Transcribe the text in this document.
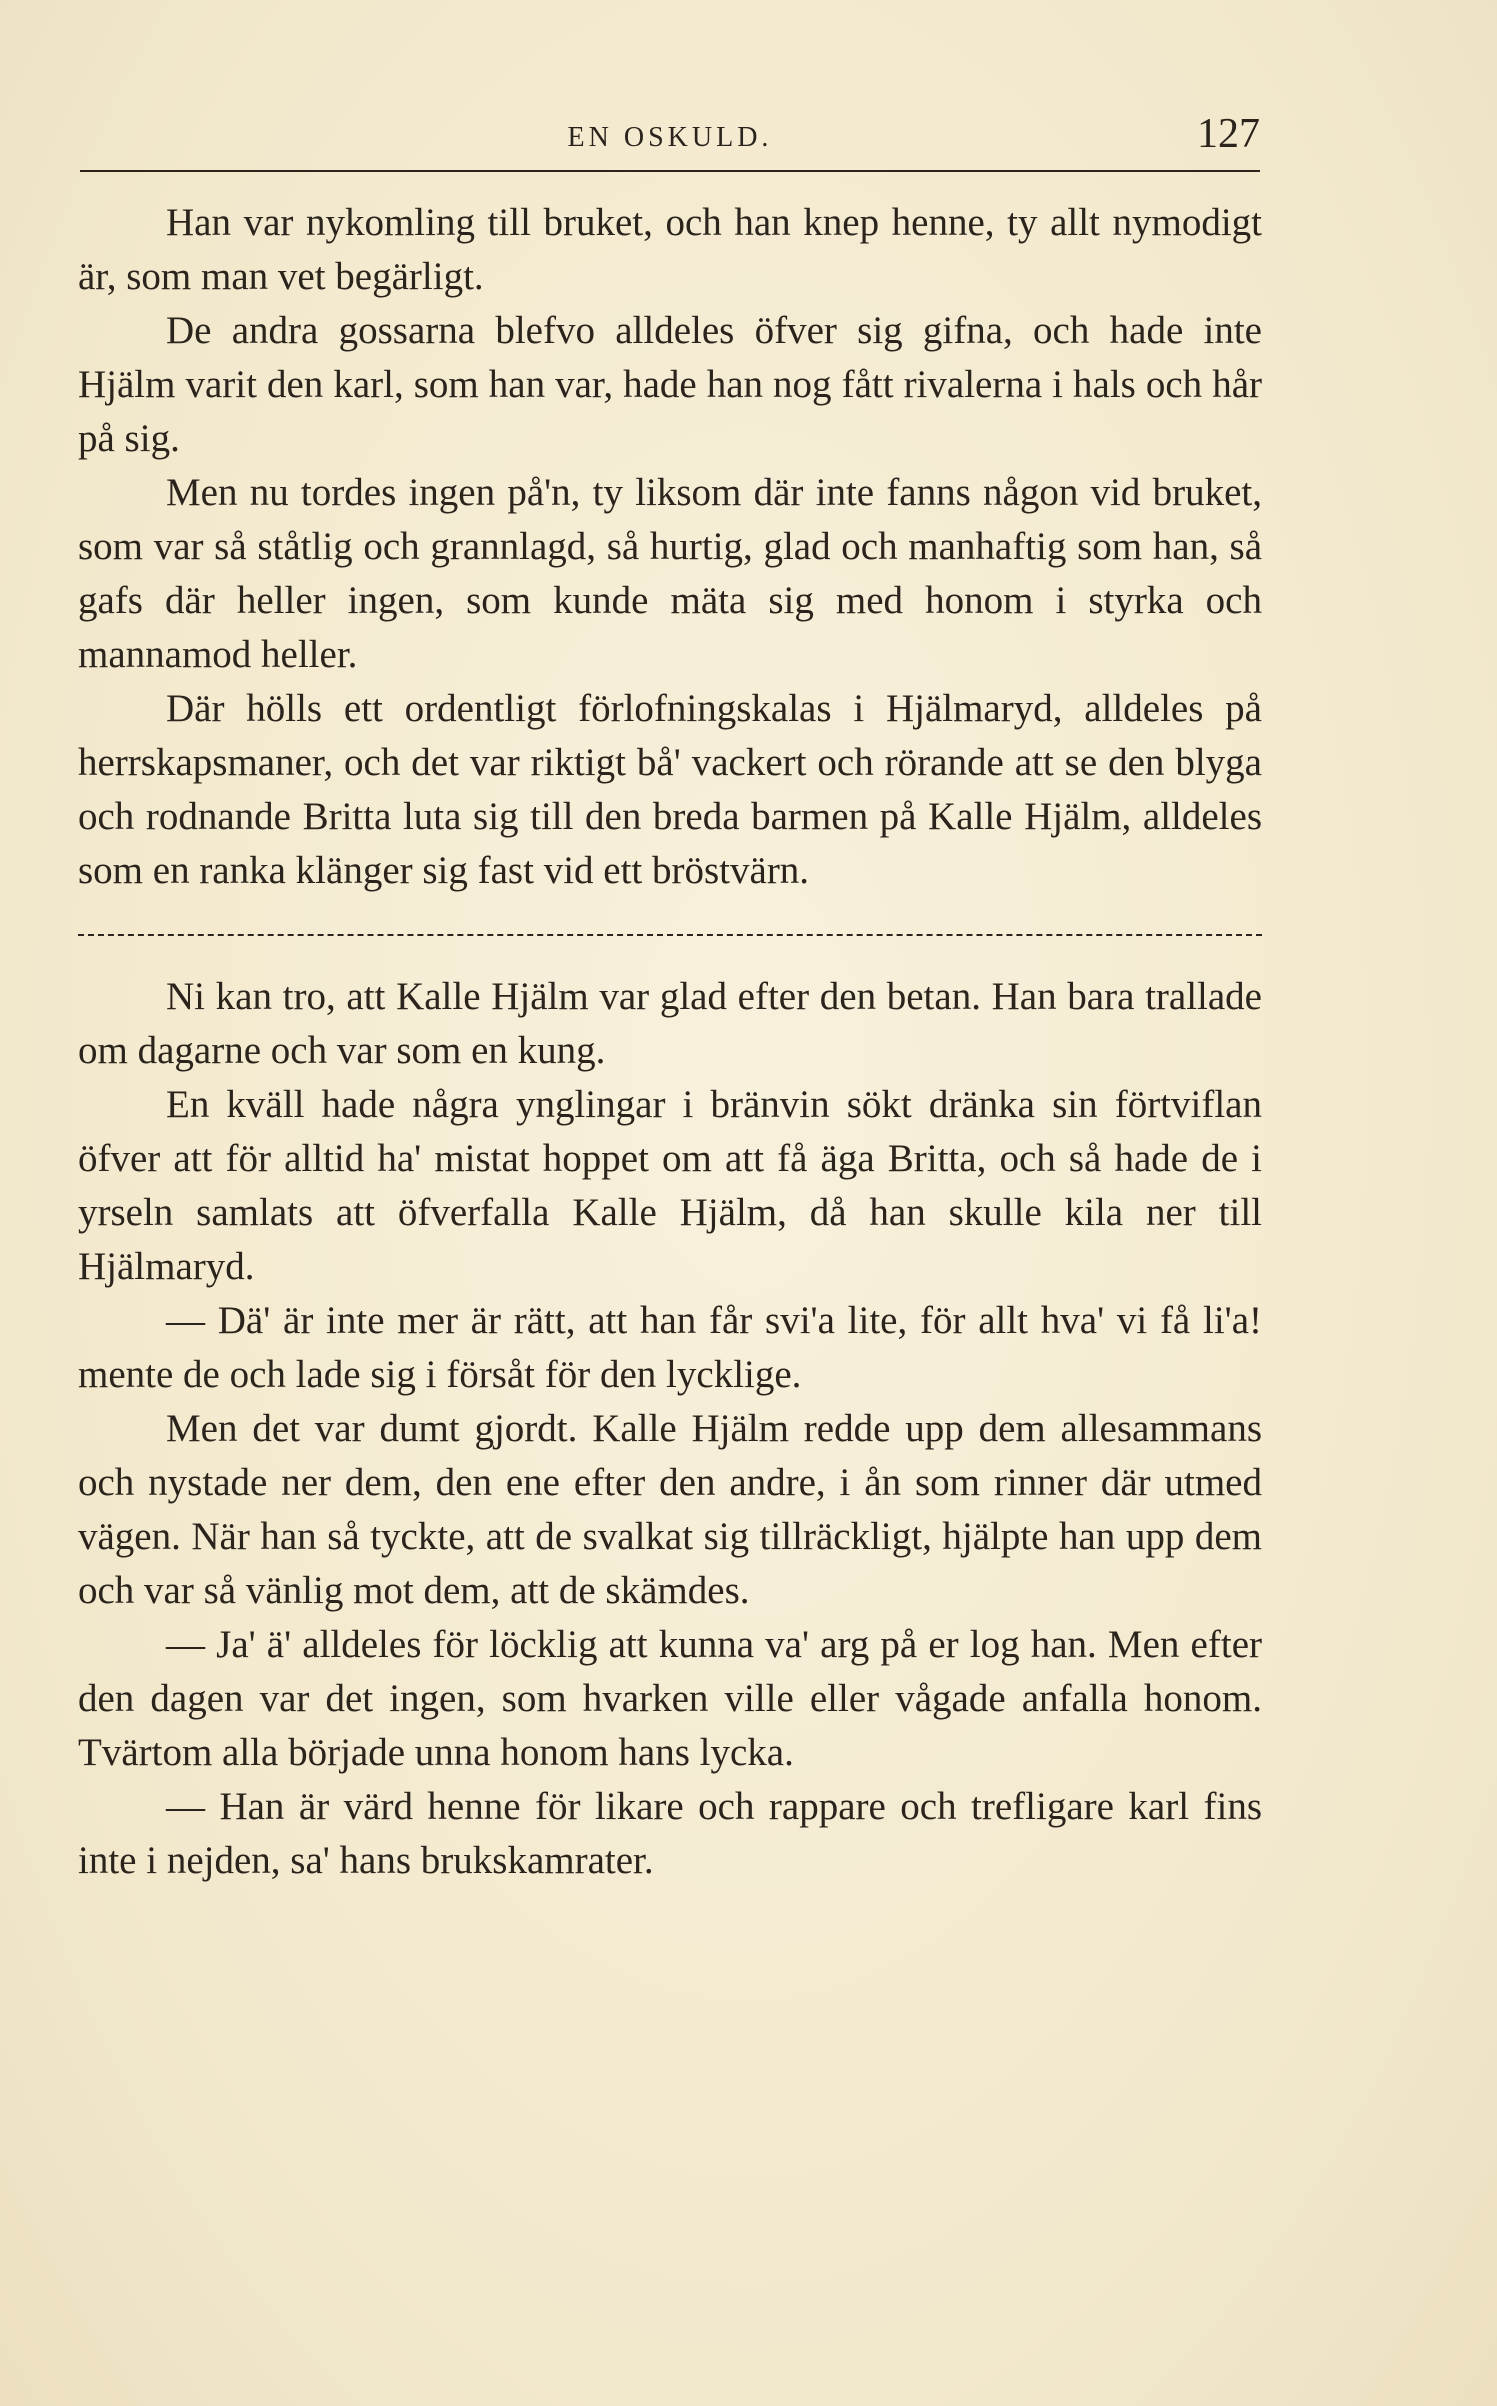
EN OSKULD.	127

Han var nykomling till bruket, och han knep henne, ty allt nymodigt är, som man vet begärligt.

De andra gossarna blefvo alldeles öfver sig gifna, och hade inte Hjälm varit den karl, som han var, hade han nog fått rivalerna i hals och hår på sig.

Men nu tordes ingen på'n, ty liksom där inte fanns någon vid bruket, som var så ståtlig och grannlagd, så hurtig, glad och manhaftig som han, så gafs där heller ingen, som kunde mäta sig med honom i styrka och mannamod heller.

Där hölls ett ordentligt förlofningskalas i Hjälmaryd, alldeles på herrskapsmaner, och det var riktigt bå' vackert och rörande att se den blyga och rodnande Britta luta sig till den breda barmen på Kalle Hjälm, alldeles som en ranka klänger sig fast vid ett bröstvärn.

Ni kan tro, att Kalle Hjälm var glad efter den betan. Han bara trallade om dagarne och var som en kung.

En kväll hade några ynglingar i bränvin sökt dränka sin förtviflan öfver att för alltid ha' mistat hoppet om att få äga Britta, och så hade de i yrseln samlats att öfverfalla Kalle Hjälm, då han skulle kila ner till Hjälmaryd.

— Dä' är inte mer är rätt, att han får svi'a lite, för allt hva' vi få li'a! mente de och lade sig i försåt för den lycklige.

Men det var dumt gjordt. Kalle Hjälm redde upp dem allesammans och nystade ner dem, den ene efter den andre, i ån som rinner där utmed vägen. När han så tyckte, att de svalkat sig tillräckligt, hjälpte han upp dem och var så vänlig mot dem, att de skämdes.

— Ja' ä' alldeles för löcklig att kunna va' arg på er log han. Men efter den dagen var det ingen, som hvarken ville eller vågade anfalla honom. Tvärtom alla började unna honom hans lycka.

— Han är värd henne för likare och rappare och trefligare karl fins inte i nejden, sa' hans brukskamrater.
